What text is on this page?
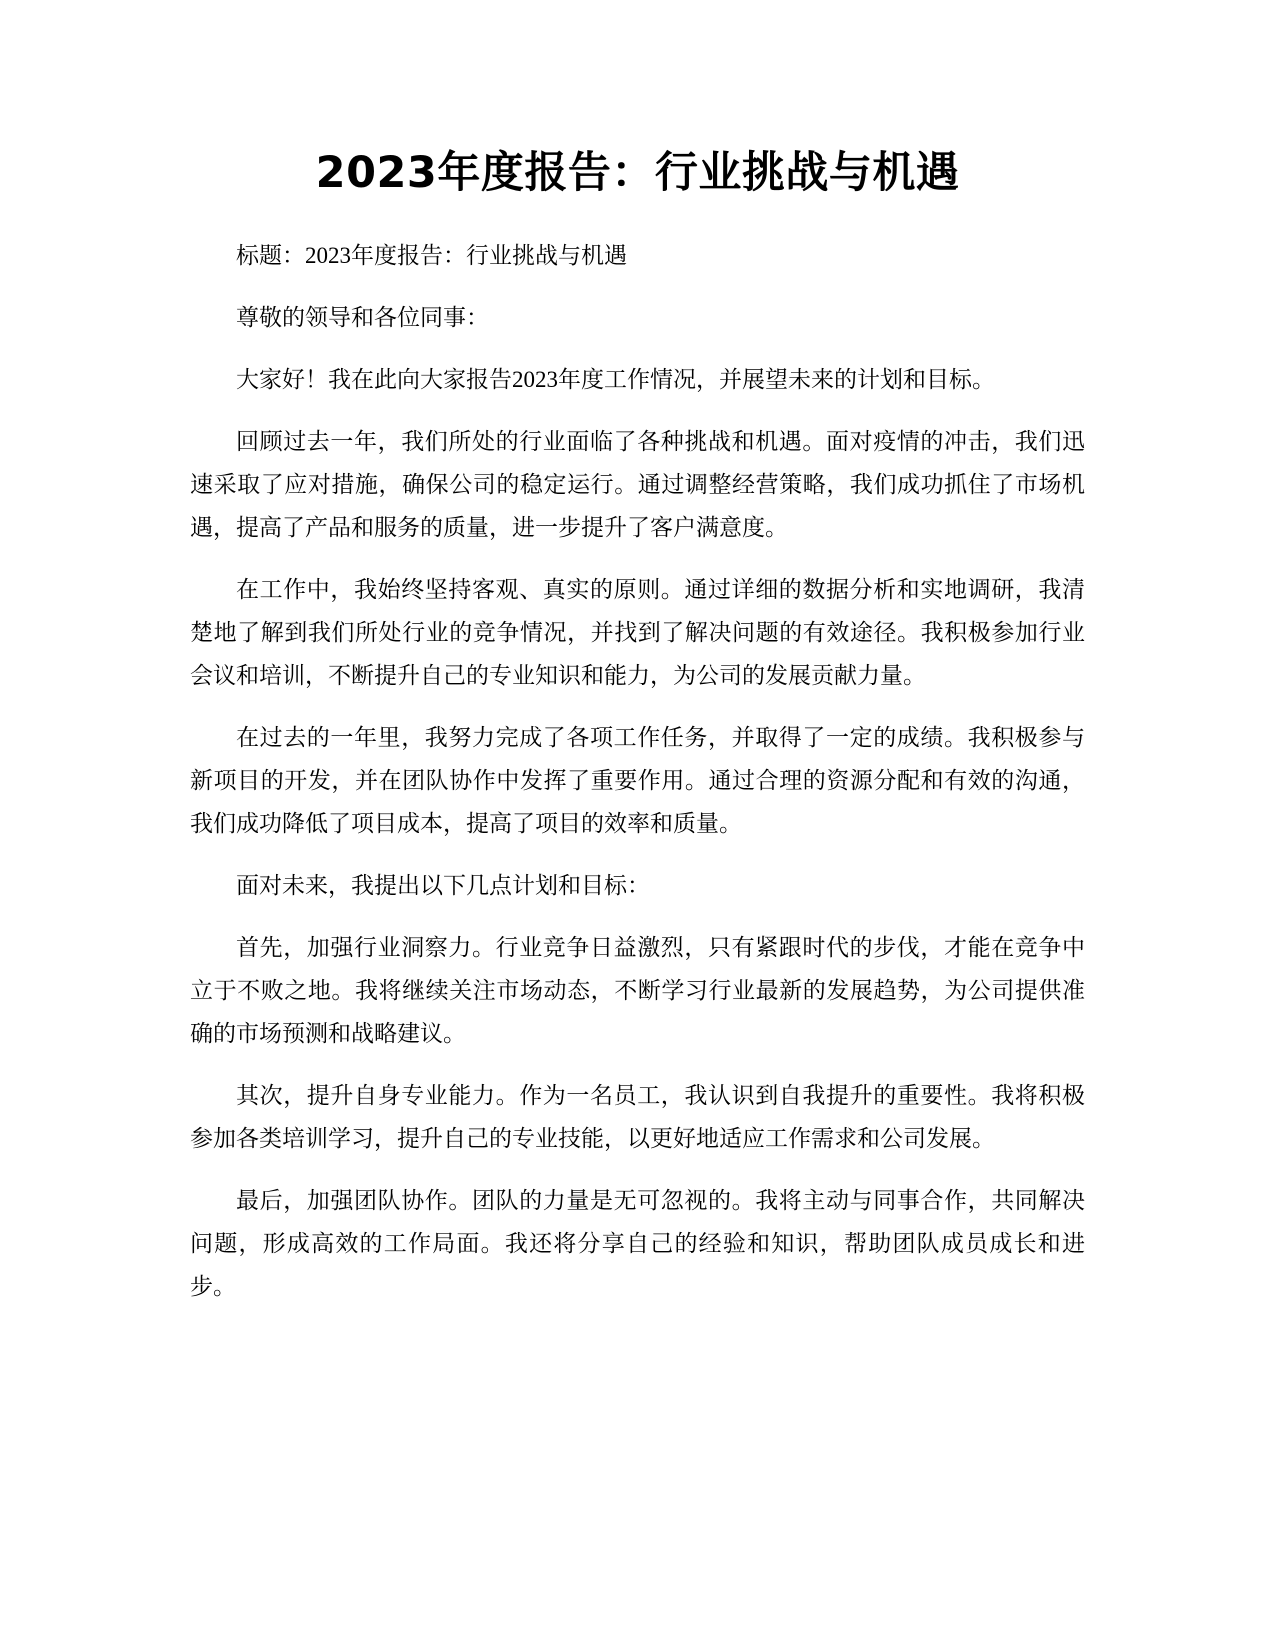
2023年度报告：行业挑战与机遇

标题：2023年度报告：行业挑战与机遇

尊敬的领导和各位同事：

大家好！我在此向大家报告2023年度工作情况，并展望未来的计划和目标。

回顾过去一年，我们所处的行业面临了各种挑战和机遇。面对疫情的冲击，我们迅速采取了应对措施，确保公司的稳定运行。通过调整经营策略，我们成功抓住了市场机遇，提高了产品和服务的质量，进一步提升了客户满意度。

在工作中，我始终坚持客观、真实的原则。通过详细的数据分析和实地调研，我清楚地了解到我们所处行业的竞争情况，并找到了解决问题的有效途径。我积极参加行业会议和培训，不断提升自己的专业知识和能力，为公司的发展贡献力量。

在过去的一年里，我努力完成了各项工作任务，并取得了一定的成绩。我积极参与新项目的开发，并在团队协作中发挥了重要作用。通过合理的资源分配和有效的沟通，我们成功降低了项目成本，提高了项目的效率和质量。

面对未来，我提出以下几点计划和目标：

首先，加强行业洞察力。行业竞争日益激烈，只有紧跟时代的步伐，才能在竞争中立于不败之地。我将继续关注市场动态，不断学习行业最新的发展趋势，为公司提供准确的市场预测和战略建议。

其次，提升自身专业能力。作为一名员工，我认识到自我提升的重要性。我将积极参加各类培训学习，提升自己的专业技能，以更好地适应工作需求和公司发展。

最后，加强团队协作。团队的力量是无可忽视的。我将主动与同事合作，共同解决问题，形成高效的工作局面。我还将分享自己的经验和知识，帮助团队成员成长和进步。
